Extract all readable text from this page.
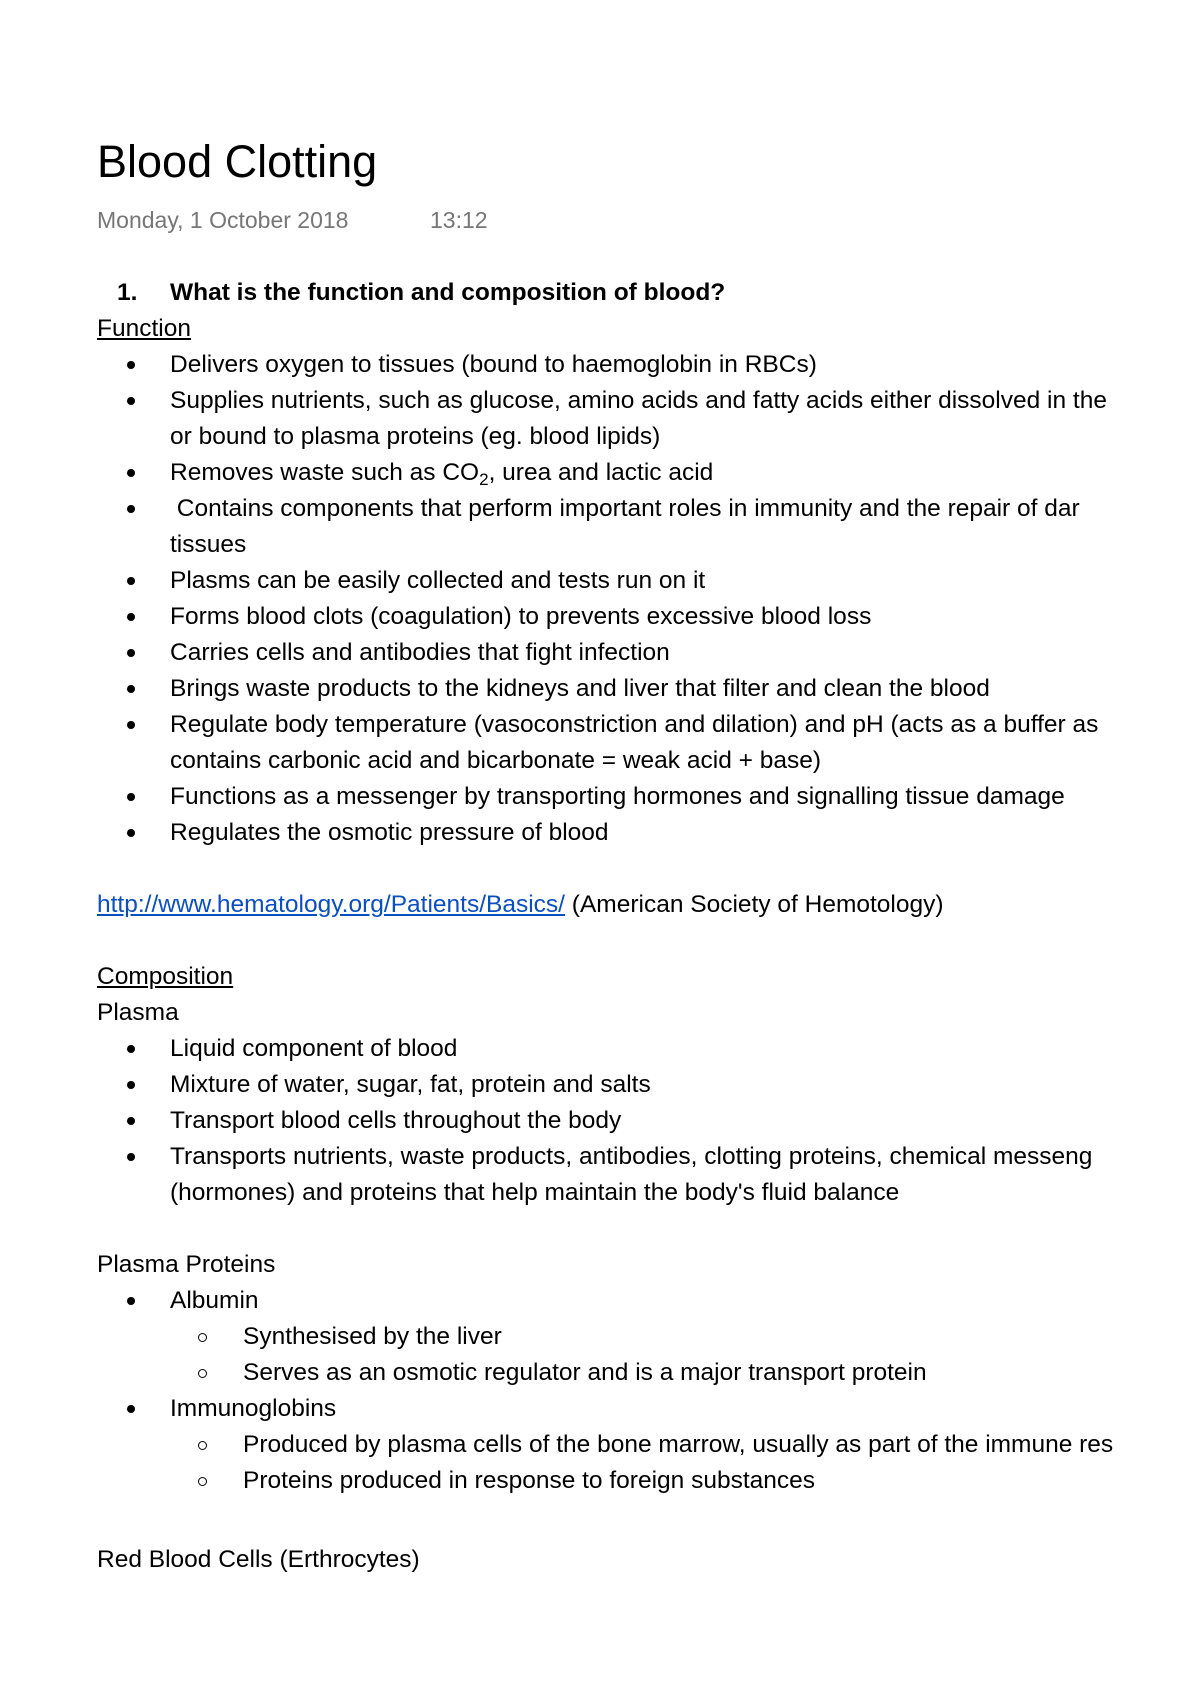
Blood Clotting
Monday, 1 October 2018	13:12
1. What is the function and composition of blood?
Function
Delivers oxygen to tissues (bound to haemoglobin in RBCs)
Supplies nutrients, such as glucose, amino acids and fatty acids either dissolved in the
or bound to plasma proteins (eg. blood lipids)
Removes waste such as $CO_2$, urea and lactic acid
Contains components that perform important roles in immunity and the repair of dar
tissues
Plasms can be easily collected and tests run on it
Forms blood clots (coagulation) to prevents excessive blood loss
Carries cells and antibodies that fight infection
Brings waste products to the kidneys and liver that filter and clean the blood
Regulate body temperature (vasoconstriction and dilation) and pH (acts as a buffer as
contains carbonic acid and bicarbonate = weak acid + base)
Functions as a messenger by transporting hormones and signalling tissue damage
Regulates the osmotic pressure of blood
http://www.hematology.org/Patients/Basics/ (American Society of Hemotology)
Composition
Plasma
Liquid component of blood
Mixture of water, sugar, fat, protein and salts
Transport blood cells throughout the body
Transports nutrients, waste products, antibodies, clotting proteins, chemical messeng
(hormones) and proteins that help maintain the body's fluid balance
Plasma Proteins
Albumin
Synthesised by the liver
Serves as an osmotic regulator and is a major transport protein
Immunoglobins
Produced by plasma cells of the bone marrow, usually as part of the immune res
Proteins produced in response to foreign substances
Red Blood Cells (Erthrocytes)
